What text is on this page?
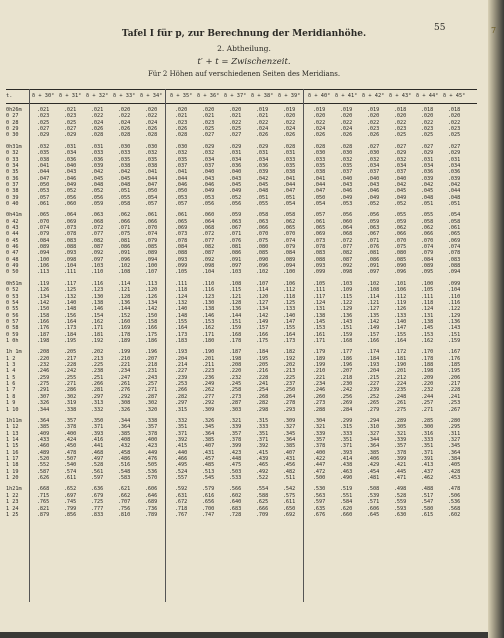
55
Tafel I für p, zur Berechnung der Meridianhöhe.
2. Abtheilung.
t′ + t = Zwischenzeit.
Für 2 Höhen auf verschiedenen Seiten des Meridians.
t.	δ + 30° δ + 31° δ + 32° δ + 33° δ + 34° δ + 35° δ + 36° δ + 37° δ + 38° δ + 39° δ + 40° δ + 41° δ + 42° δ + 43° δ + 44° δ + 45°
0h26m	.021	.021	.021	.020	.020	.020	.020	.020	.019	.019	.019	.019	.019	.018	.018	.018
0 27	.023	.023	.022	.022	.022	.021	.021	.021	.021	.020	.020	.020	.020	.020	.020	.020
0 28	.025	.025	.024	.024	.024	.023	.023	.022	.022	.022	.022	.022	.022	.022	.022	.022
0 29	.027	.027	.026	.026	.026	.026	.025	.025	.024	.024	.024	.024	.023	.023	.023	.023
0 30	.029	.029	.028	.028	.028	.028	.027	.027	.026	.026	.026	.026	.026	.025	.025	.025
0h31m	.032	.031	.031	.030	.030	.030	.029	.029	.029	.028	.028	.028	.027	.027	.027	.027
0 32	.035	.034	.033	.033	.032	.032	.032	.031	.031	.031	.030	.030	.030	.029	.029	.029
0 33	.038	.036	.036	.035	.035	.035	.034	.034	.034	.033	.033	.032	.032	.032	.031	.031
0 34	.041	.040	.039	.038	.038	.037	.037	.036	.036	.035	.035	.035	.034	.034	.034	.034
0 35	.044	.043	.042	.042	.041	.041	.040	.040	.039	.038	.038	.037	.037	.037	.036	.036
0 36	.047	.046	.045	.045	.044	.044	.043	.043	.042	.041	.041	.040	.040	.040	.039	.039
0 37	.050	.049	.048	.048	.047	.046	.046	.045	.045	.044	.044	.043	.043	.042	.042	.042
0 38	.053	.052	.052	.051	.050	.050	.049	.049	.048	.047	.047	.046	.046	.045	.045	.044
0 39	.057	.056	.056	.055	.054	.053	.053	.052	.051	.051	.050	.049	.049	.049	.048	.048
0 40	.061	.060	.059	.058	.057	.057	.056	.056	.055	.054	.054	.053	.052	.052	.051	.051
0h41m	.065	.064	.063	.062	.061	.061	.060	.059	.058	.058	.057	.056	.056	.055	.055	.054
0 42	.070	.069	.068	.066	.066	.065	.064	.063	.063	.062	.061	.060	.059	.059	.058	.058
0 43	.074	.073	.072	.071	.070	.069	.068	.067	.066	.065	.065	.064	.063	.062	.062	.061
0 44	.079	.078	.077	.075	.074	.073	.072	.071	.070	.070	.069	.068	.067	.066	.066	.065
0 45	.084	.083	.082	.081	.079	.078	.077	.076	.075	.074	.073	.072	.071	.070	.070	.069
0 46	.089	.088	.087	.086	.085	.084	.082	.081	.080	.079	.078	.077	.076	.075	.074	.074
0 47	.094	.093	.092	.091	.089	.088	.087	.086	.085	.084	.083	.082	.081	.080	.079	.078
0 48	.100	.098	.097	.096	.094	.093	.092	.091	.090	.089	.088	.087	.086	.085	.084	.083
0 49	.106	.104	.103	.102	.100	.099	.098	.097	.096	.094	.093	.092	.091	.090	.089	.088
0 50	.113	.111	.110	.108	.107	.105	.104	.103	.102	.100	.099	.098	.097	.096	.095	.094
0h51m	.119	.117	.116	.114	.113	.111	.110	.108	.107	.106	.105	.103	.102	.101	.100	.099
0 52	.126	.125	.123	.121	.120	.118	.116	.115	.114	.112	.111	.109	.108	.106	.105	.104
0 53	.134	.132	.130	.128	.126	.124	.123	.121	.120	.118	.117	.115	.114	.112	.111	.110
0 54	.142	.140	.138	.136	.134	.132	.130	.128	.127	.125	.124	.122	.121	.119	.118	.116
0 55	.150	.148	.146	.144	.142	.140	.138	.136	.134	.133	.131	.129	.127	.126	.124	.122
0 56	.158	.156	.154	.152	.150	.148	.146	.144	.142	.140	.138	.136	.135	.133	.131	.129
0 57	.166	.164	.162	.160	.158	.155	.153	.151	.149	.147	.145	.143	.142	.140	.138	.136
0 58	.176	.173	.171	.169	.166	.164	.162	.159	.157	.155	.153	.151	.149	.147	.145	.143
0 59	.187	.184	.181	.178	.175	.173	.171	.168	.166	.164	.161	.159	.157	.155	.153	.151
1 0h	.198	.195	.192	.189	.186	.183	.180	.178	.175	.173	.171	.168	.166	.164	.162	.159
1h 1m	.208	.205	.202	.199	.196	.193	.190	.187	.184	.182	.179	.177	.174	.172	.170	.167
1 2	.220	.217	.213	.210	.207	.204	.201	.198	.195	.192	.189	.186	.184	.181	.178	.176
1 3	.232	.228	.225	.221	.218	.214	.211	.208	.205	.202	.199	.196	.193	.190	.188	.185
1 4	.246	.242	.238	.234	.231	.227	.223	.220	.216	.213	.210	.207	.204	.201	.198	.195
1 5	.259	.255	.251	.247	.243	.239	.236	.232	.228	.225	.221	.218	.215	.212	.209	.206
1 6	.275	.271	.266	.261	.257	.253	.249	.245	.241	.237	.234	.230	.227	.224	.220	.217
1 7	.291	.286	.281	.276	.271	.266	.262	.258	.254	.250	.246	.242	.239	.235	.232	.228
1 8	.307	.302	.297	.292	.287	.282	.277	.273	.268	.264	.260	.256	.252	.248	.244	.241
1 9	.326	.319	.313	.308	.302	.297	.292	.287	.282	.278	.273	.269	.265	.261	.257	.253
1 10	.344	.338	.332	.326	.320	.315	.309	.303	.298	.293	.288	.284	.279	.275	.271	.267
1h11m	.364	.357	.350	.344	.338	.332	.326	.321	.315	.309	.304	.299	.294	.289	.285	.280
1 12	.385	.378	.371	.364	.357	.351	.345	.339	.333	.327	.321	.315	.310	.305	.300	.295
1 13	.409	.400	.393	.385	.378	.371	.364	.357	.351	.345	.339	.333	.327	.321	.316	.311
1 14	.433	.424	.416	.408	.400	.392	.385	.378	.371	.364	.357	.351	.344	.339	.333	.327
1 15	.460	.450	.441	.432	.423	.415	.407	.399	.392	.385	.378	.371	.364	.357	.351	.345
1 16	.489	.478	.468	.458	.449	.440	.431	.423	.415	.407	.400	.393	.385	.378	.371	.364
1 17	.520	.507	.497	.486	.476	.466	.457	.448	.439	.431	.422	.414	.406	.399	.391	.384
1 18	.552	.540	.528	.516	.505	.495	.485	.475	.465	.456	.447	.438	.429	.421	.413	.405
1 19	.587	.574	.561	.548	.536	.524	.513	.503	.492	.482	.472	.463	.454	.445	.437	.428
1 20	.626	.611	.597	.583	.570	.557	.545	.533	.522	.511	.500	.490	.481	.471	.462	.453
1h21m	.668	.652	.636	.621	.606	.592	.579	.566	.554	.542	.530	.519	.508	.498	.488	.478
1 22	.715	.697	.679	.662	.646	.631	.616	.602	.588	.575	.563	.551	.539	.528	.517	.506
1 23	.765	.745	.725	.707	.689	.672	.656	.640	.625	.611	.597	.584	.571	.559	.547	.536
1 24	.821	.799	.777	.756	.736	.718	.700	.683	.666	.650	.635	.620	.606	.593	.580	.568
1 25	.879	.856	.833	.810	.789	.767	.747	.728	.709	.692	.676	.660	.645	.630	.615	.602
7
